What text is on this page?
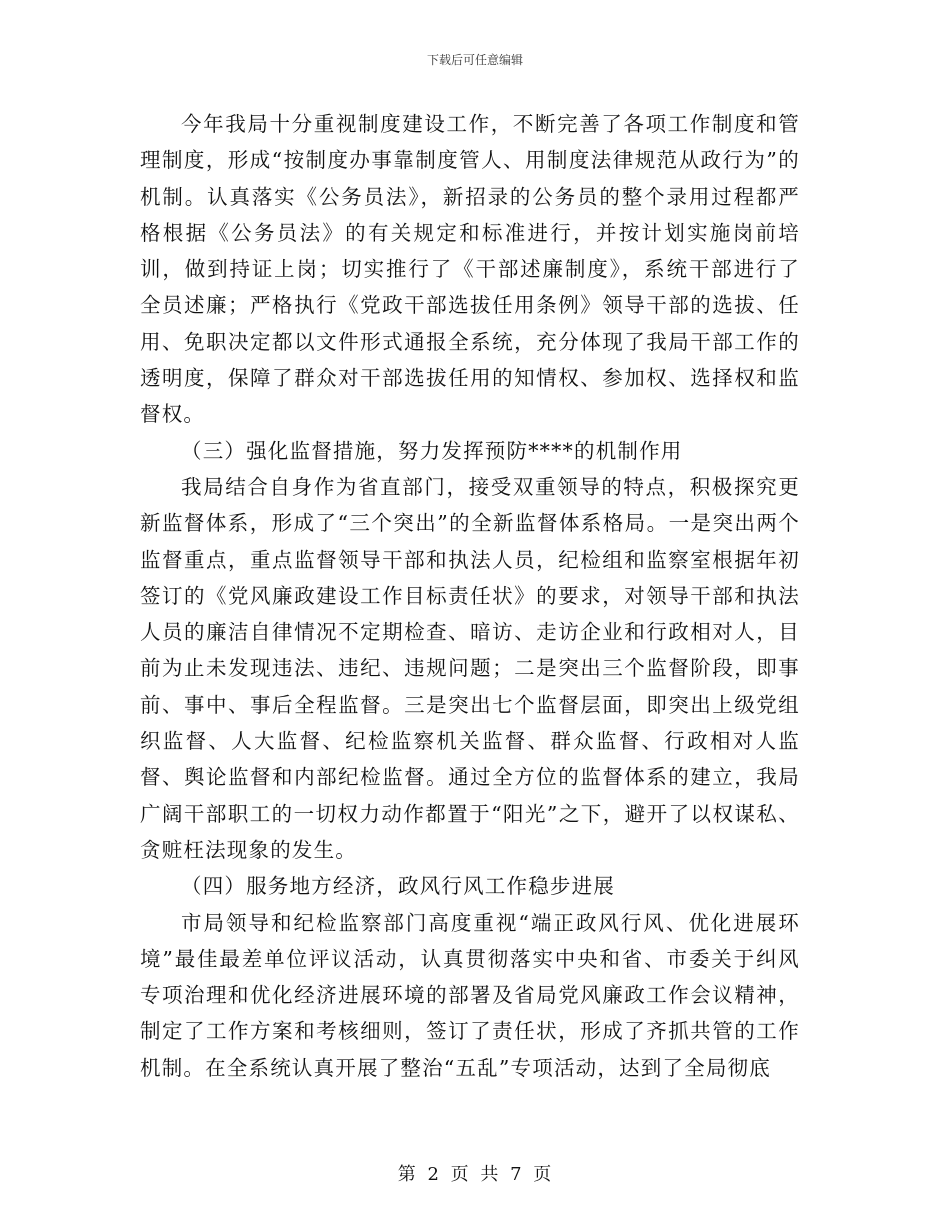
下载后可任意编辑

今年我局十分重视制度建设工作，不断完善了各项工作制度和管理制度，形成“按制度办事靠制度管人、用制度法律规范从政行为”的机制。认真落实《公务员法》，新招录的公务员的整个录用过程都严格根据《公务员法》的有关规定和标准进行，并按计划实施岗前培训，做到持证上岗；切实推行了《干部述廉制度》，系统干部进行了全员述廉；严格执行《党政干部选拔任用条例》领导干部的选拔、任用、免职决定都以文件形式通报全系统，充分体现了我局干部工作的透明度，保障了群众对干部选拔任用的知情权、参加权、选择权和监督权。

（三）强化监督措施，努力发挥预防****的机制作用

我局结合自身作为省直部门，接受双重领导的特点，积极探究更新监督体系，形成了“三个突出”的全新监督体系格局。一是突出两个监督重点，重点监督领导干部和执法人员，纪检组和监察室根据年初签订的《党风廉政建设工作目标责任状》的要求，对领导干部和执法人员的廉洁自律情况不定期检查、暗访、走访企业和行政相对人，目前为止未发现违法、违纪、违规问题；二是突出三个监督阶段，即事前、事中、事后全程监督。三是突出七个监督层面，即突出上级党组织监督、人大监督、纪检监察机关监督、群众监督、行政相对人监督、舆论监督和内部纪检监督。通过全方位的监督体系的建立，我局广阔干部职工的一切权力动作都置于“阳光”之下，避开了以权谋私、贪赃枉法现象的发生。

（四）服务地方经济，政风行风工作稳步进展

市局领导和纪检监察部门高度重视“端正政风行风、优化进展环境”最佳最差单位评议活动，认真贯彻落实中央和省、市委关于纠风专项治理和优化经济进展环境的部署及省局党风廉政工作会议精神，制定了工作方案和考核细则，签订了责任状，形成了齐抓共管的工作机制。在全系统认真开展了整治“五乱”专项活动，达到了全局彻底

第 2 页 共 7 页
